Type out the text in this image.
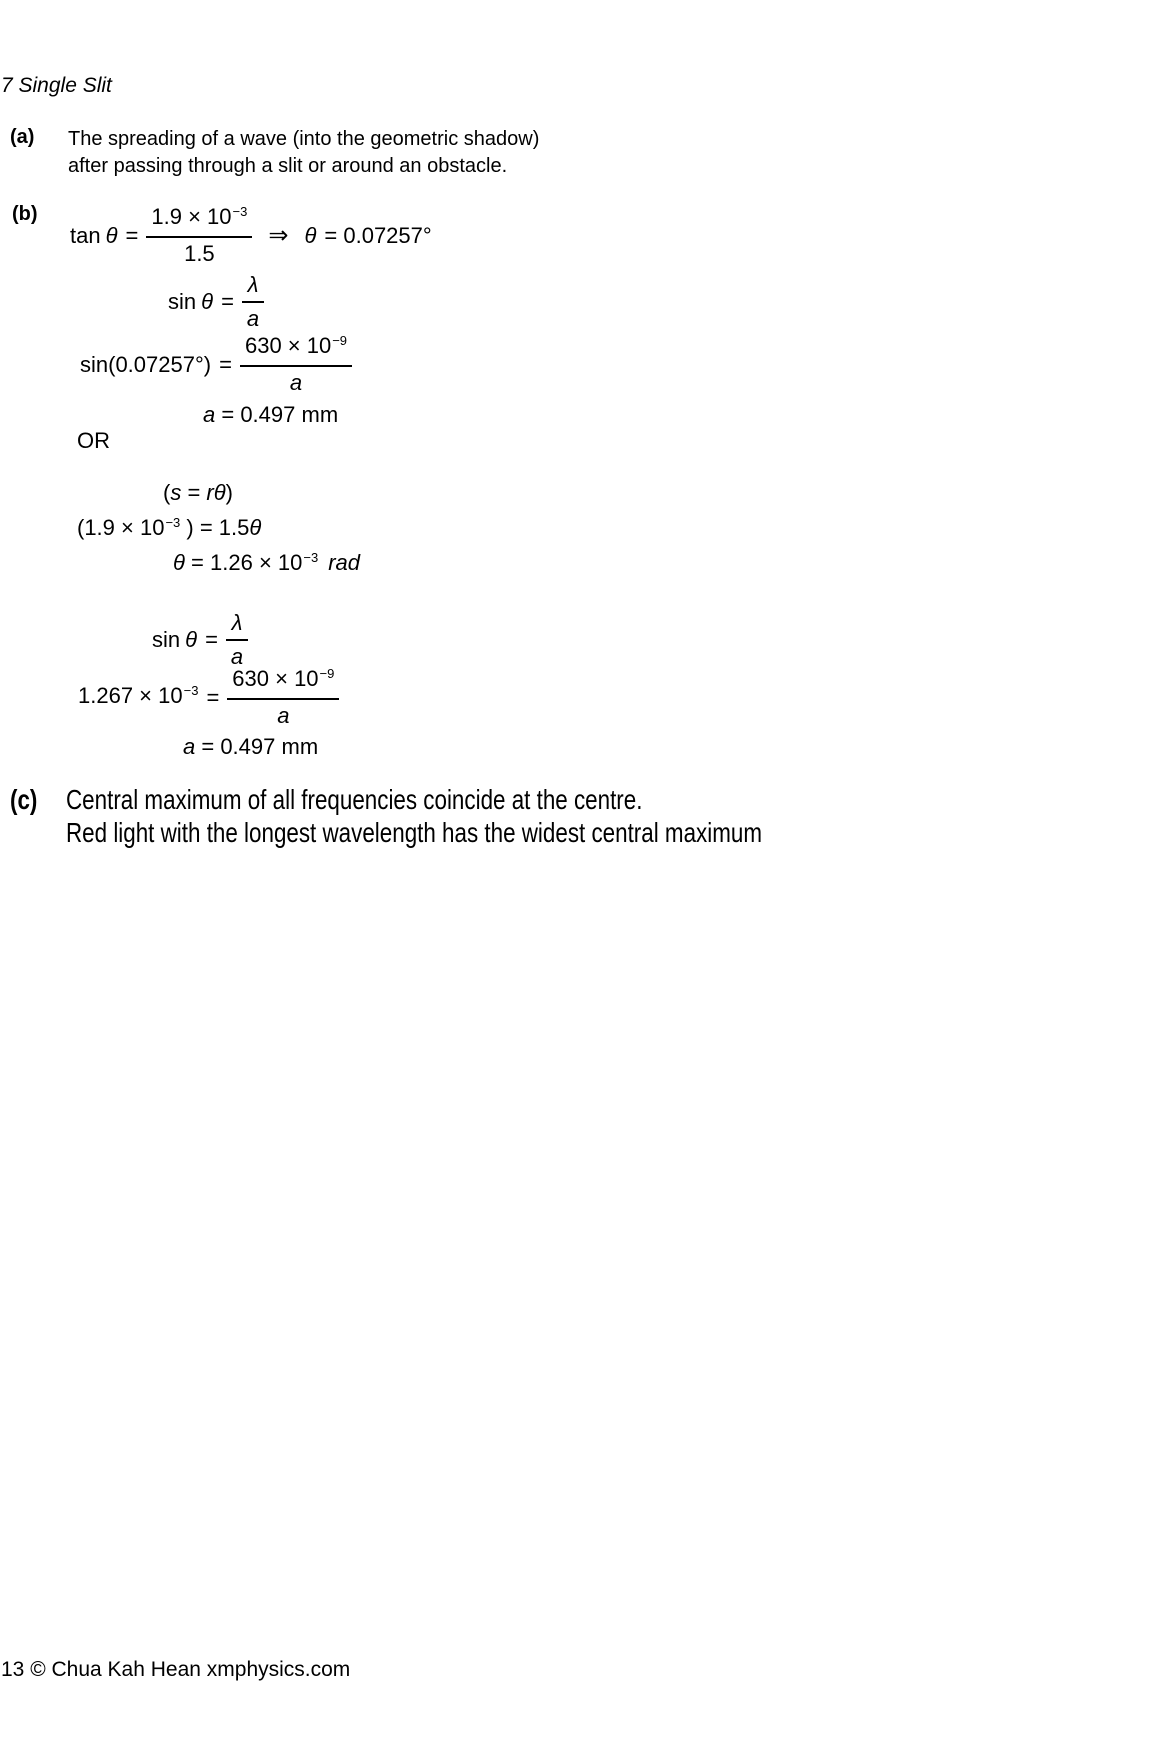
7 Single Slit
(a) The spreading of a wave (into the geometric shadow)
after passing through a slit or around an obstacle.
(b)
$\tan \theta = \frac{1.9 \times 10^{-3}}{1.5}$ ⇒ θ = 0.07257°
$\sin \theta = \frac{\lambda}{a}$
$\sin(0.07257^\circ) = \frac{630 \times 10^{-9}}{a}$
a = 0.497 mm
OR
(s = rθ)
($1.9 \times 10^{-3}$ ) = 1.5θ
$\theta = 1.26 \times 10^{-3}$ rad
$\sin \theta = \frac{\lambda}{a}$
$1.267 \times 10^{-3} = \frac{630 \times 10^{-9}}{a}$
a = 0.497 mm
(c) Central maximum of all frequencies coincide at the centre.
Red light with the longest wavelength has the widest central maximum
13 © Chua Kah Hean xmphysics.com
